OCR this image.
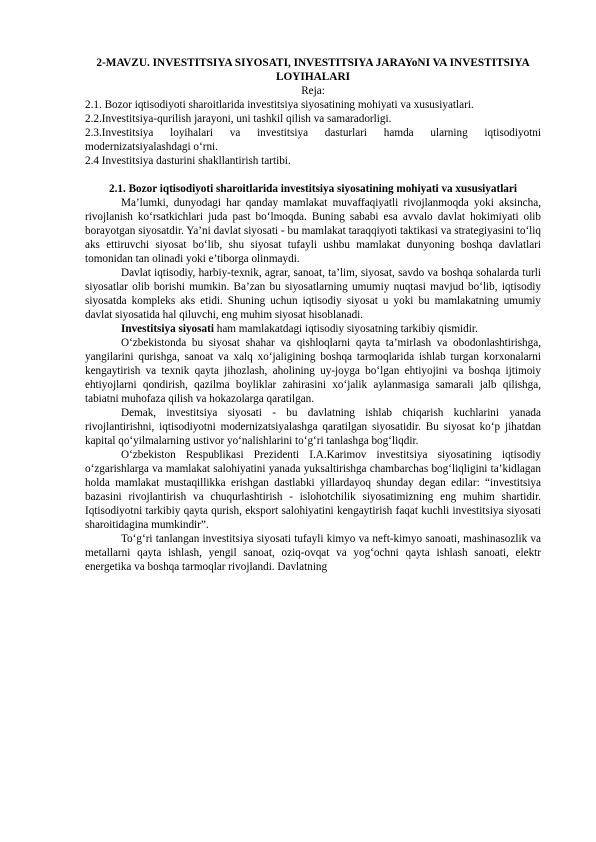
2-MAVZU. INVESTITSIYA SIYOSATI, INVESTITSIYA JARAYoNI VA INVESTITSIYA LOYIHALARI

Reja:

2.1. Bozor iqtisodiyoti sharoitlarida investitsiya siyosatining mohiyati va xususiyatlari.

2.2.Investitsiya-qurilish jarayoni, uni tashkil qilish va samaradorligi.

2.3.Investitsiya loyihalari va investitsiya dasturlari hamda ularning iqtisodiyotni modernizatsiyalashdagi o‘rni.

2.4 Investitsiya dasturini shakllantirish tartibi.

2.1. Bozor iqtisodiyoti sharoitlarida investitsiya siyosatining mohiyati va xususiyatlari

Ma’lumki, dunyodagi har qanday mamlakat muvaffaqiyatli rivojlanmoqda yoki aksincha, rivojlanish ko‘rsatkichlari juda past bo‘lmoqda. Buning sababi esa avvalo davlat hokimiyati olib borayotgan siyosatdir. Ya’ni davlat siyosati - bu mamlakat taraqqiyoti taktikasi va strategiyasini to‘liq aks ettiruvchi siyosat bo‘lib, shu siyosat tufayli ushbu mamlakat dunyoning boshqa davlatlari tomonidan tan olinadi yoki e’tiborga olinmaydi.

Davlat iqtisodiy, harbiy-texnik, agrar, sanoat, ta’lim, siyosat, savdo va boshqa sohalarda turli siyosatlar olib borishi mumkin. Ba’zan bu siyosatlarning umumiy nuqtasi mavjud bo‘lib, iqtisodiy siyosatda kompleks aks etidi. Shuning uchun iqtisodiy siyosat u yoki bu mamlakatning umumiy davlat siyosatida hal qiluvchi, eng muhim siyosat hisoblanadi.

Investitsiya siyosati ham mamlakatdagi iqtisodiy siyosatning tarkibiy qismidir.

O‘zbekistonda bu siyosat shahar va qishloqlarni qayta ta’mirlash va obodonlashtirishga, yangilarini qurishga, sanoat va xalq xo‘jaligining boshqa tarmoqlarida ishlab turgan korxonalarni kengaytirish va texnik qayta jihozlash, aholining uy-joyga bo‘lgan ehtiyojini va boshqa ijtimoiy ehtiyojlarni qondirish, qazilma boyliklar zahirasini xo‘jalik aylanmasiga samarali jalb qilishga, tabiatni muhofaza qilish va hokazolarga qaratilgan.

Demak, investitsiya siyosati - bu davlatning ishlab chiqarish kuchlarini yanada rivojlantirishni, iqtisodiyotni modernizatsiyalashga qaratilgan siyosatidir. Bu siyosat ko‘p jihatdan kapital qo‘yilmalarning ustivor yo‘nalishlarini to‘g‘ri tanlashga bog‘liqdir.

O‘zbekiston Respublikasi Prezidenti I.A.Karimov investitsiya siyosatining iqtisodiy o‘zgarishlarga va mamlakat salohiyatini yanada yuksaltirishga chambarchas bog‘liqligini ta’kidlagan holda mamlakat mustaqillikka erishgan dastlabki yillardayoq shunday degan edilar: “investitsiya bazasini rivojlantirish va chuqurlashtirish - islohotchilik siyosatimizning eng muhim shartidir. Iqtisodiyotni tarkibiy qayta qurish, eksport salohiyatini kengaytirish faqat kuchli investitsiya siyosati sharoitidagina mumkindir”.

To‘g‘ri tanlangan investitsiya siyosati tufayli kimyo va neft-kimyo sanoati, mashinasozlik va metallarni qayta ishlash, yengil sanoat, oziq-ovqat va yog‘ochni qayta ishlash sanoati, elektr energetika va boshqa tarmoqlar rivojlandi. Davlatning
